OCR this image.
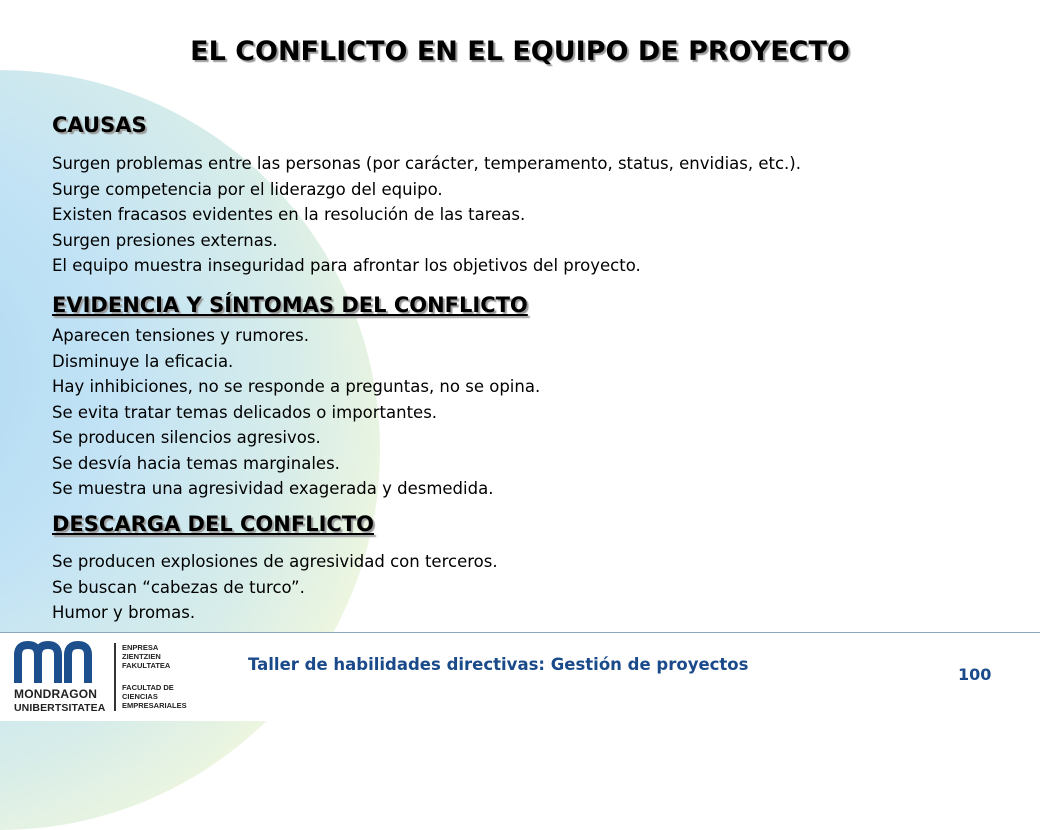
EL CONFLICTO EN EL EQUIPO DE PROYECTO
CAUSAS
Surgen problemas entre las personas (por carácter, temperamento, status, envidias, etc.).
Surge competencia por el liderazgo del equipo.
Existen fracasos evidentes en la resolución de las tareas.
Surgen presiones externas.
El equipo muestra inseguridad para afrontar los objetivos del proyecto.
EVIDENCIA Y SÍNTOMAS DEL CONFLICTO
Aparecen tensiones y rumores.
Disminuye la eficacia.
Hay inhibiciones, no se responde a preguntas, no se opina.
Se evita tratar temas delicados o importantes.
Se producen silencios agresivos.
Se desvía hacia temas marginales.
Se muestra una agresividad exagerada y desmedida.
DESCARGA DEL CONFLICTO
Se producen explosiones de agresividad con terceros.
Se buscan “cabezas de turco”.
Humor y bromas.
MONDRAGON
UNIBERTSITATEA
ENPRESA
ZIENTZIEN
FAKULTATEA
FACULTAD DE
CIENCIAS
EMPRESARIALES
Taller de habilidades directivas: Gestión de proyectos
100
